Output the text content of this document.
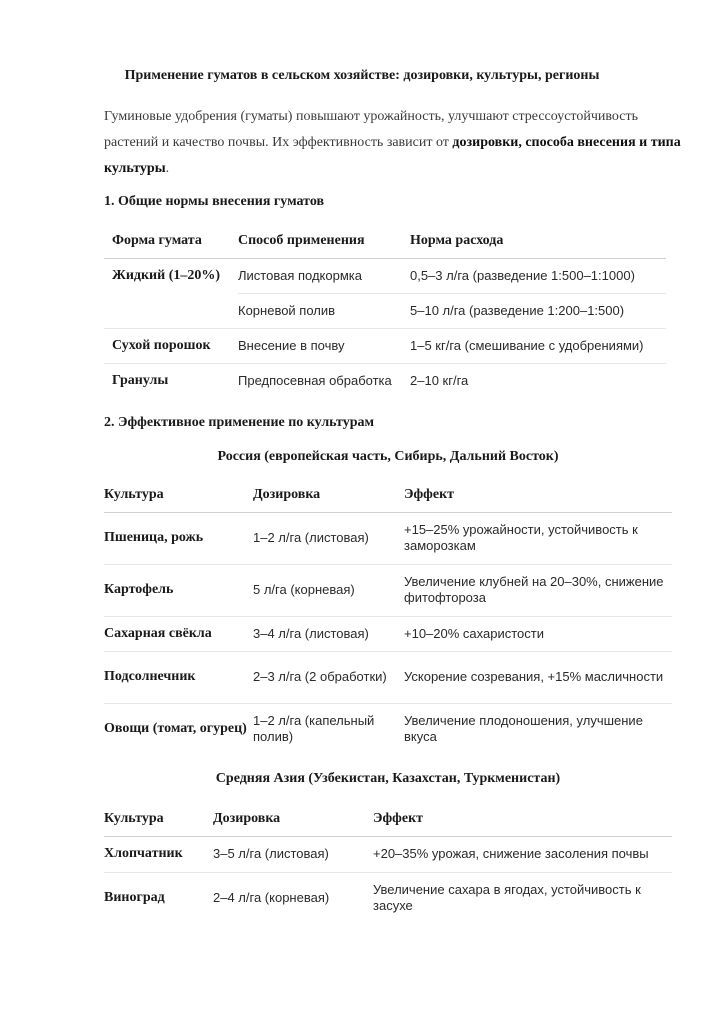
Применение гуматов в сельском хозяйстве: дозировки, культуры, регионы
Гуминовые удобрения (гуматы) повышают урожайность, улучшают стрессоустойчивость растений и качество почвы. Их эффективность зависит от дозировки, способа внесения и типа культуры.
1. Общие нормы внесения гуматов
Форма гумата	Способ применения	Норма расхода
Жидкий (1–20%)	Листовая подкормка	0,5–3 л/га (разведение 1:500–1:1000)
	Корневой полив	5–10 л/га (разведение 1:200–1:500)
Сухой порошок	Внесение в почву	1–5 кг/га (смешивание с удобрениями)
Гранулы	Предпосевная обработка	2–10 кг/га
2. Эффективное применение по культурам
Россия (европейская часть, Сибирь, Дальний Восток)
Культура	Дозировка	Эффект
Пшеница, рожь	1–2 л/га (листовая)	+15–25% урожайности, устойчивость к заморозкам
Картофель	5 л/га (корневая)	Увеличение клубней на 20–30%, снижение фитофтороза
Сахарная свёкла	3–4 л/га (листовая)	+10–20% сахаристости
Подсолнечник	2–3 л/га (2 обработки)	Ускорение созревания, +15% масличности
Овощи (томат, огурец)	1–2 л/га (капельный полив)	Увеличение плодоношения, улучшение вкуса
Средняя Азия (Узбекистан, Казахстан, Туркменистан)
Культура	Дозировка	Эффект
Хлопчатник	3–5 л/га (листовая)	+20–35% урожая, снижение засоления почвы
Виноград	2–4 л/га (корневая)	Увеличение сахара в ягодах, устойчивость к засухе
